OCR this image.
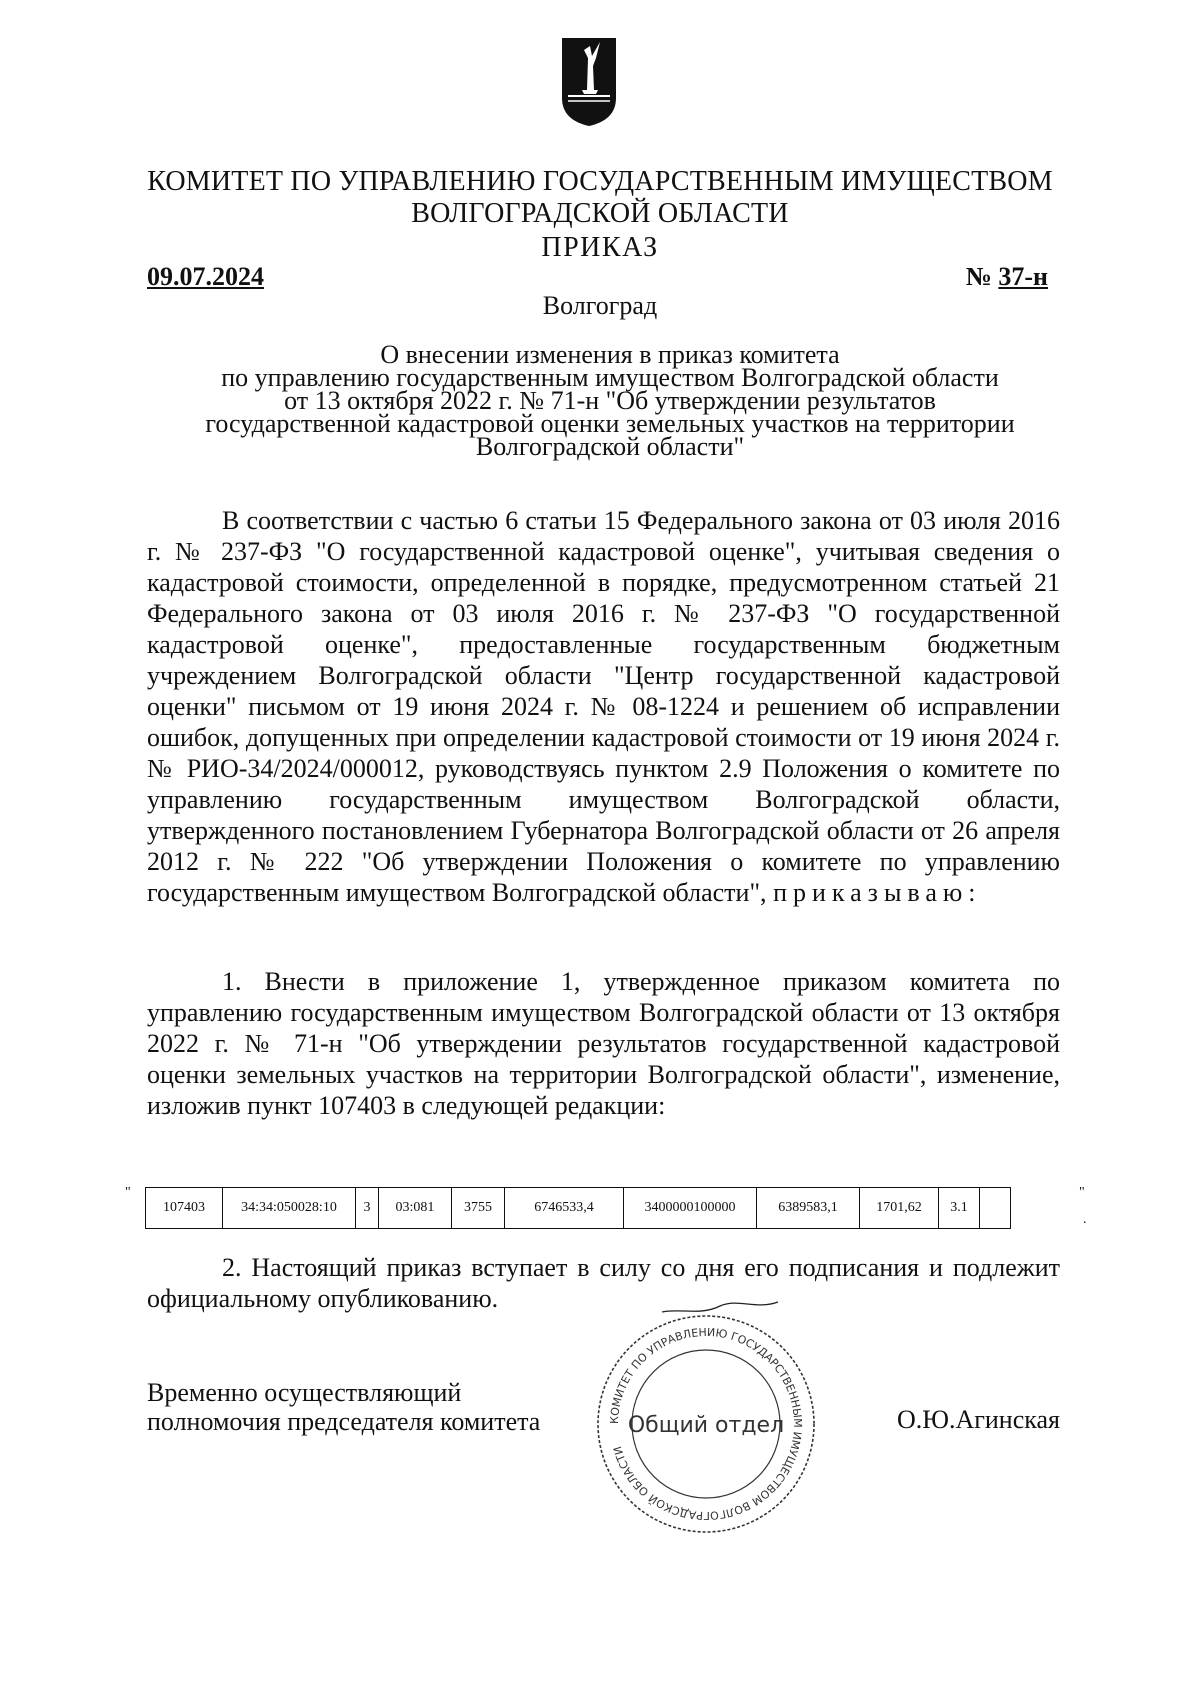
КОМИТЕТ ПО УПРАВЛЕНИЮ ГОСУДАРСТВЕННЫМ ИМУЩЕСТВОМ
ВОЛГОГРАДСКОЙ ОБЛАСТИ
ПРИКАЗ
09.07.2024	№ 37-н
Волгоград
О внесении изменения в приказ комитета
по управлению государственным имуществом Волгоградской области
от 13 октября 2022 г. № 71-н "Об утверждении результатов
государственной кадастровой оценки земельных участков на территории
Волгоградской области"
В соответствии с частью 6 статьи 15 Федерального закона от 03 июля 2016 г. № 237-ФЗ "О государственной кадастровой оценке", учитывая сведения о кадастровой стоимости, определенной в порядке, предусмотренном статьей 21 Федерального закона от 03 июля 2016 г. № 237-ФЗ "О государственной кадастровой оценке", предоставленные государственным бюджетным учреждением Волгоградской области "Центр государственной кадастровой оценки" письмом от 19 июня 2024 г. № 08-1224 и решением об исправлении ошибок, допущенных при определении кадастровой стоимости от 19 июня 2024 г. № РИО-34/2024/000012, руководствуясь пунктом 2.9 Положения о комитете по управлению государственным имуществом Волгоградской области, утвержденного постановлением Губернатора Волгоградской области от 26 апреля 2012 г. № 222 "Об утверждении Положения о комитете по управлению государственным имуществом Волгоградской области", приказываю:
1. Внести в приложение 1, утвержденное приказом комитета по управлению государственным имуществом Волгоградской области от 13 октября 2022 г. № 71-н "Об утверждении результатов государственной кадастровой оценки земельных участков на территории Волгоградской области", изменение, изложив пункт 107403 в следующей редакции:
"
107403	34:34:050028:10	3	03:081	3755	6746533,4	3400000100000	6389583,1	1701,62	3.1	
"
.
2. Настоящий приказ вступает в силу со дня его подписания и подлежит официальному опубликованию.
Временно осуществляющий
полномочия председателя комитета	О.Ю.Агинская
КОМИТЕТ ПО УПРАВЛЕНИЮ ГОСУДАРСТВЕННЫМ ИМУЩЕСТВОМ ВОЛГОГРАДСКОЙ ОБЛАСТИ
Общий отдел
